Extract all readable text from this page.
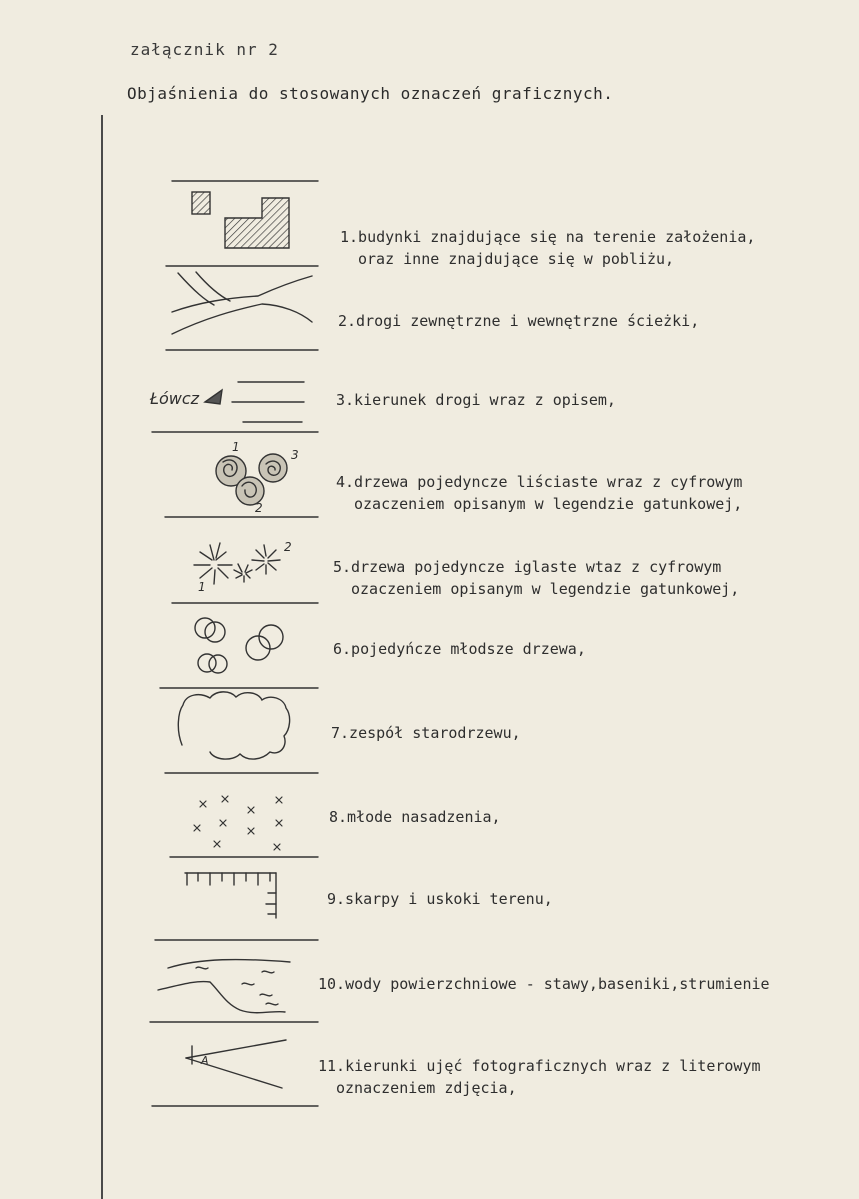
załącznik nr 2
Objaśnienia do stosowanych oznaczeń graficznych.
1.budynki znajdujące się na terenie założenia,
oraz inne znajdujące się w pobliżu,
2.drogi zewnętrzne i wewnętrzne ścieżki,
3.kierunek drogi wraz z opisem,
4.drzewa pojedyncze liściaste wraz z cyfrowym
ozaczeniem opisanym w legendzie gatunkowej,
5.drzewa pojedyncze iglaste wtaz z cyfrowym
ozaczeniem opisanym w legendzie gatunkowej,
6.pojedyńcze młodsze drzewa,
7.zespół starodrzewu,
8.młode nasadzenia,
9.skarpy i uskoki terenu,
10.wody powierzchniowe - stawy,baseniki,strumienie
11.kierunki ujęć fotograficznych wraz z literowym
oznaczeniem zdjęcia,
Łówcz
1
2
3
1
2
A
